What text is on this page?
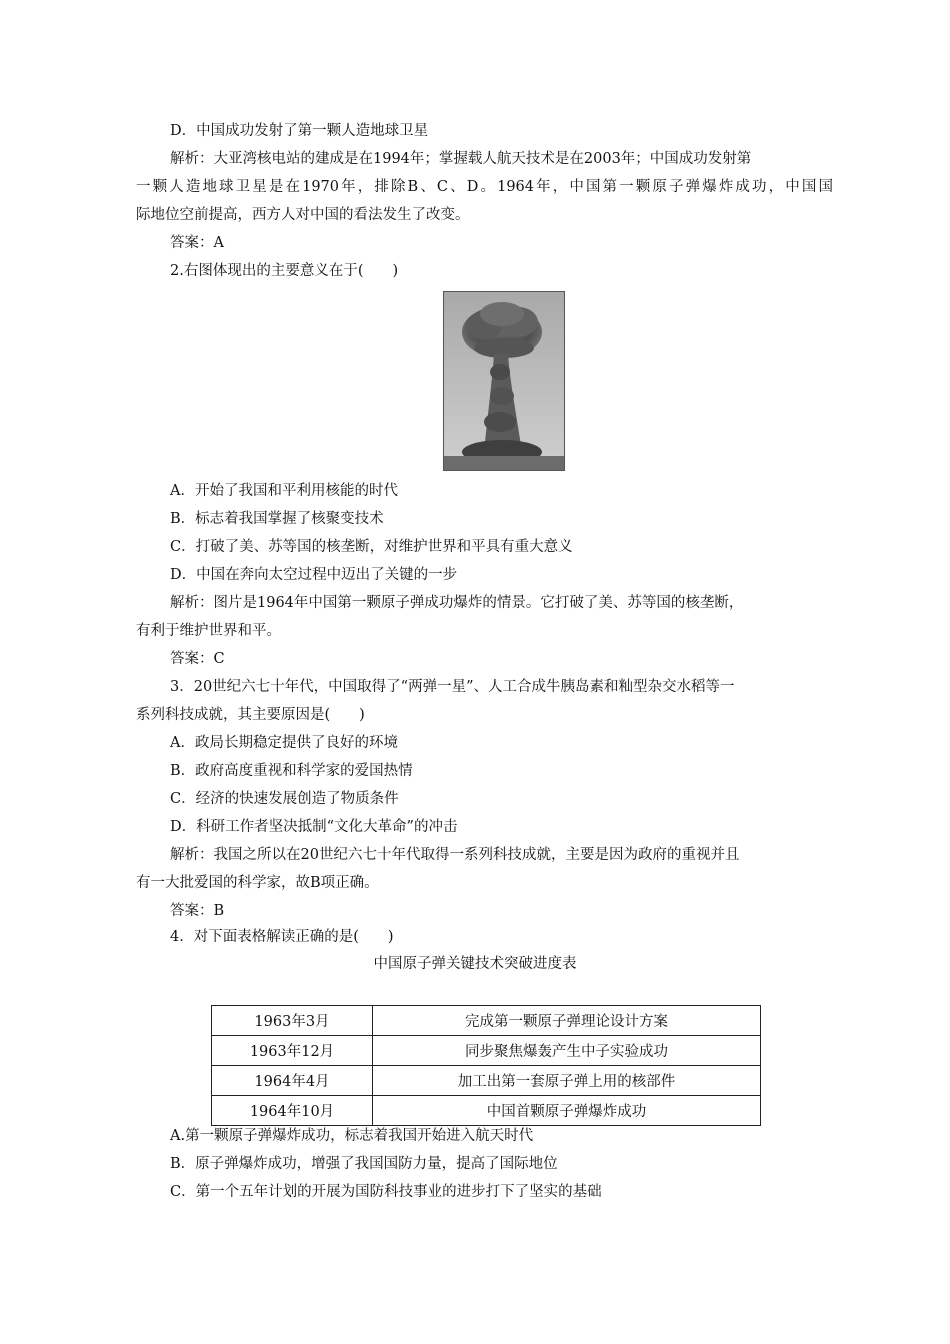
D．中国成功发射了第一颗人造地球卫星
解析：大亚湾核电站的建成是在1994年；掌握载人航天技术是在2003年；中国成功发射第
一颗人造地球卫星是在1970年，排除B、C、D。1964年，中国第一颗原子弹爆炸成功，中国国
际地位空前提高，西方人对中国的看法发生了改变。
答案：A
2.右图体现出的主要意义在于(　　)
A．开始了我国和平利用核能的时代
B．标志着我国掌握了核聚变技术
C．打破了美、苏等国的核垄断，对维护世界和平具有重大意义
D．中国在奔向太空过程中迈出了关键的一步
解析：图片是1964年中国第一颗原子弹成功爆炸的情景。它打破了美、苏等国的核垄断，
有利于维护世界和平。
答案：C
3．20世纪六七十年代，中国取得了“两弹一星”、人工合成牛胰岛素和籼型杂交水稻等一
系列科技成就，其主要原因是(　　)
A．政局长期稳定提供了良好的环境
B．政府高度重视和科学家的爱国热情
C．经济的快速发展创造了物质条件
D．科研工作者坚决抵制“文化大革命”的冲击
解析：我国之所以在20世纪六七十年代取得一系列科技成就，主要是因为政府的重视并且
有一大批爱国的科学家，故B项正确。
答案：B
4．对下面表格解读正确的是(　　)
中国原子弹关键技术突破进度表
1963年3月	完成第一颗原子弹理论设计方案
1963年12月	同步聚焦爆轰产生中子实验成功
1964年4月	加工出第一套原子弹上用的核部件
1964年10月	中国首颗原子弹爆炸成功
A.第一颗原子弹爆炸成功，标志着我国开始进入航天时代
B．原子弹爆炸成功，增强了我国国防力量，提高了国际地位
C．第一个五年计划的开展为国防科技事业的进步打下了坚实的基础
